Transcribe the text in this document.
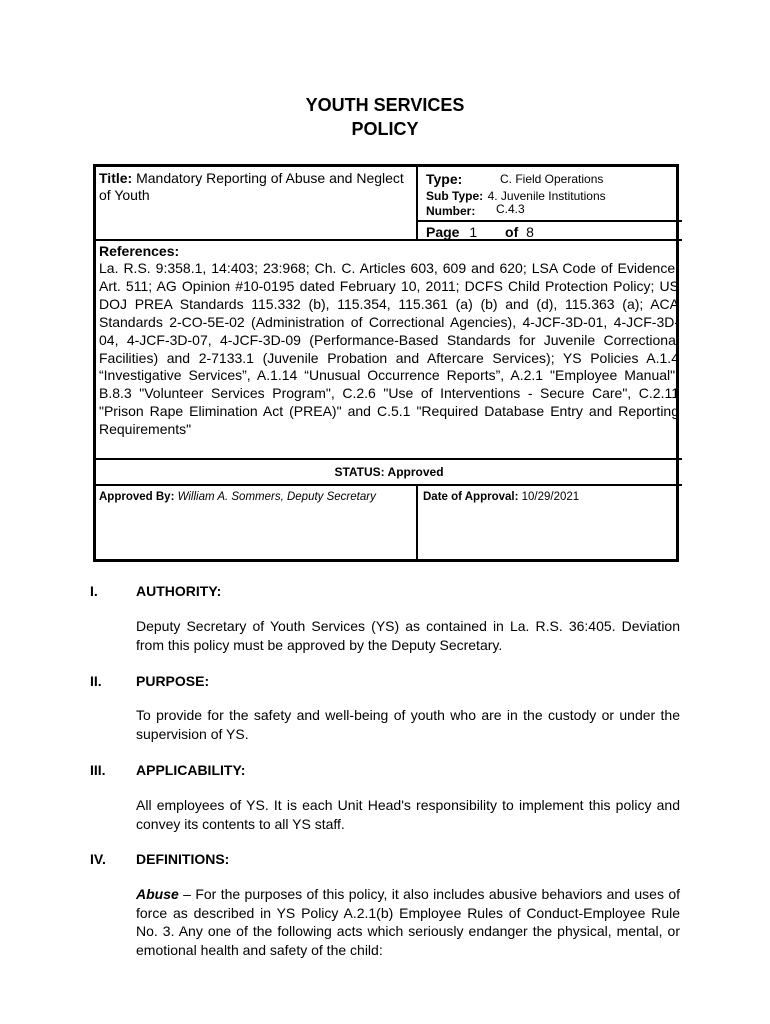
YOUTH SERVICES
POLICY
Title: Mandatory Reporting of Abuse and Neglect of Youth
Type:	C. Field Operations
Sub Type: 4. Juvenile Institutions
Number: C.4.3
Page 1 of 8
References:
La. R.S. 9:358.1, 14:403; 23:968; Ch. C. Articles 603, 609 and 620; LSA Code of Evidence; Art. 511; AG Opinion #10-0195 dated February 10, 2011; DCFS Child Protection Policy; US DOJ PREA Standards 115.332 (b), 115.354, 115.361 (a) (b) and (d), 115.363 (a); ACA Standards 2-CO-5E-02 (Administration of Correctional Agencies), 4-JCF-3D-01, 4-JCF-3D-04, 4-JCF-3D-07, 4-JCF-3D-09 (Performance-Based Standards for Juvenile Correctional Facilities) and 2-7133.1 (Juvenile Probation and Aftercare Services); YS Policies A.1.4 “Investigative Services”, A.1.14 “Unusual Occurrence Reports”, A.2.1 "Employee Manual", B.8.3 "Volunteer Services Program", C.2.6 "Use of Interventions - Secure Care", C.2.11 "Prison Rape Elimination Act (PREA)" and C.5.1 "Required Database Entry and Reporting Requirements"
STATUS: Approved
Approved By: William A. Sommers, Deputy Secretary	Date of Approval: 10/29/2021
I.	AUTHORITY:
Deputy Secretary of Youth Services (YS) as contained in La. R.S. 36:405. Deviation from this policy must be approved by the Deputy Secretary.
II. PURPOSE:
To provide for the safety and well-being of youth who are in the custody or under the supervision of YS.
III. APPLICABILITY:
All employees of YS. It is each Unit Head's responsibility to implement this policy and convey its contents to all YS staff.
IV. DEFINITIONS:
Abuse – For the purposes of this policy, it also includes abusive behaviors and uses of force as described in YS Policy A.2.1(b) Employee Rules of Conduct-Employee Rule No. 3. Any one of the following acts which seriously endanger the physical, mental, or emotional health and safety of the child:
